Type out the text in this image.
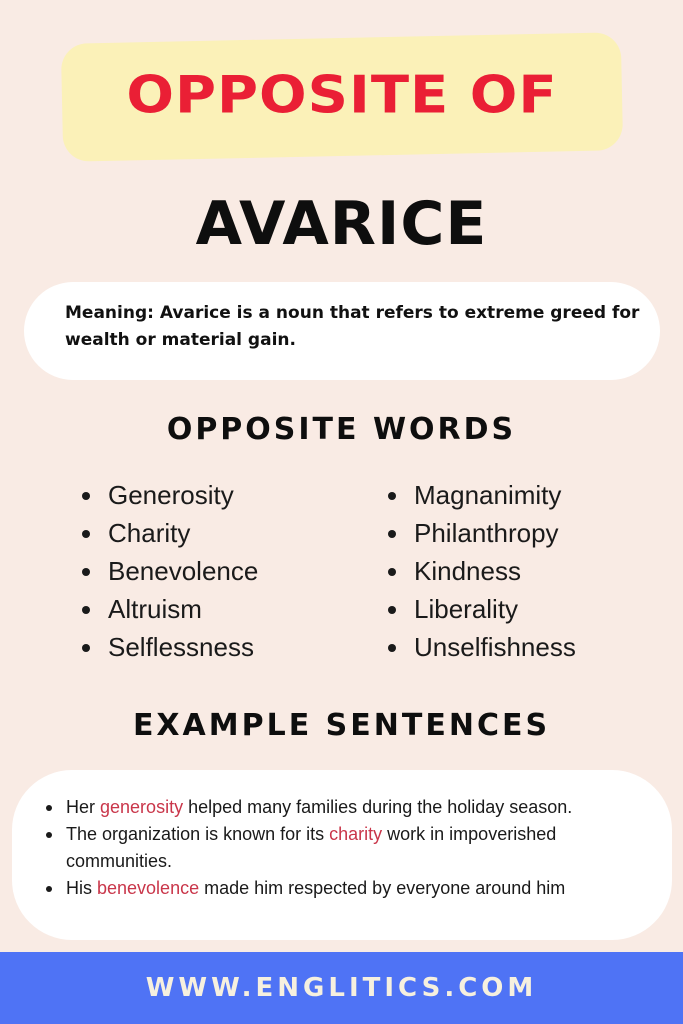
OPPOSITE OF
AVARICE
Meaning: Avarice is a noun that refers to extreme greed for wealth or material gain.
OPPOSITE WORDS
Generosity
Charity
Benevolence
Altruism
Selflessness
Magnanimity
Philanthropy
Kindness
Liberality
Unselfishness
EXAMPLE SENTENCES
Her generosity helped many families during the holiday season.
The organization is known for its charity work in impoverished communities.
His benevolence made him respected by everyone around him
WWW.ENGLITICS.COM
